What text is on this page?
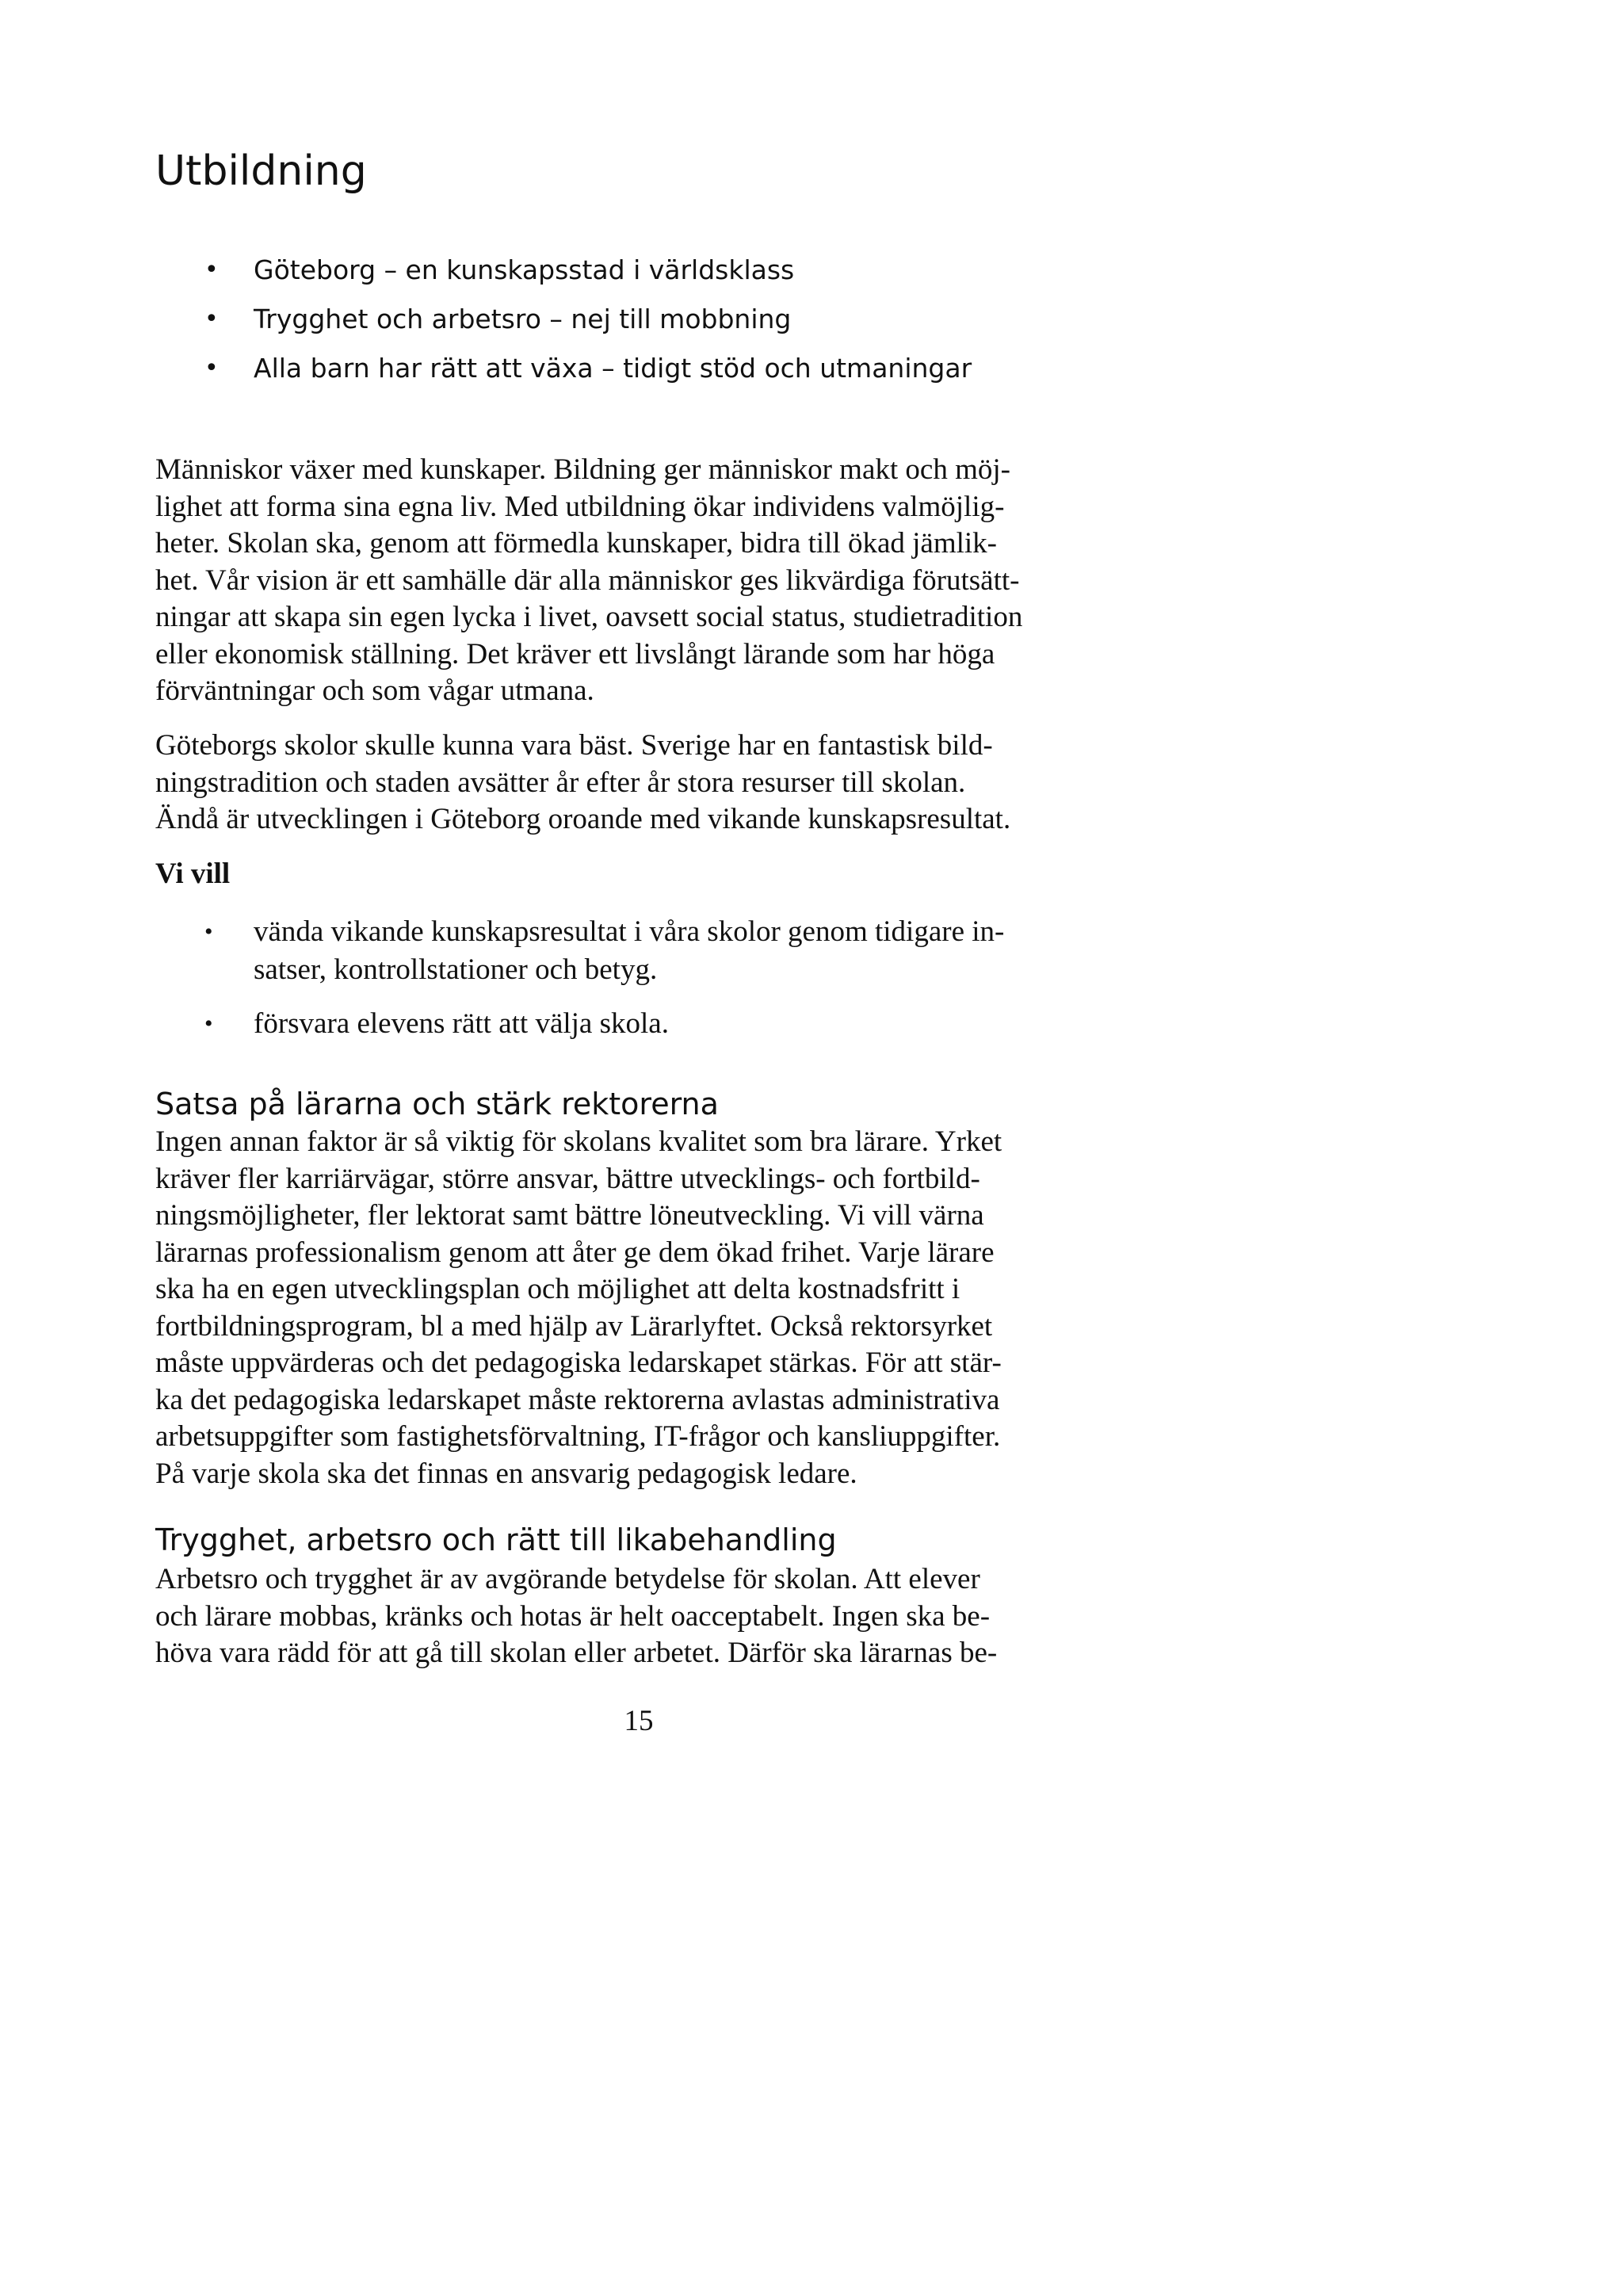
Utbildning
• Göteborg – en kunskapsstad i världsklass
• Trygghet och arbetsro – nej till mobbning
• Alla barn har rätt att växa – tidigt stöd och utmaningar

Människor växer med kunskaper. Bildning ger människor makt och möj-
lighet att forma sina egna liv. Med utbildning ökar individens valmöjlig-
heter. Skolan ska, genom att förmedla kunskaper, bidra till ökad jämlik-
het. Vår vision är ett samhälle där alla människor ges likvärdiga förutsätt-
ningar att skapa sin egen lycka i livet, oavsett social status, studietradition
eller ekonomisk ställning. Det kräver ett livslångt lärande som har höga
förväntningar och som vågar utmana.

Göteborgs skolor skulle kunna vara bäst. Sverige har en fantastisk bild-
ningstradition och staden avsätter år efter år stora resurser till skolan.
Ändå är utvecklingen i Göteborg oroande med vikande kunskapsresultat.

Vi vill

• vända vikande kunskapsresultat i våra skolor genom tidigare in-
satser, kontrollstationer och betyg.
• försvara elevens rätt att välja skola.
Satsa på lärarna och stärk rektorerna

Ingen annan faktor är så viktig för skolans kvalitet som bra lärare. Yrket
kräver fler karriärvägar, större ansvar, bättre utvecklings- och fortbild-
ningsmöjligheter, fler lektorat samt bättre löneutveckling. Vi vill värna
lärarnas professionalism genom att åter ge dem ökad frihet. Varje lärare
ska ha en egen utvecklingsplan och möjlighet att delta kostnadsfritt i
fortbildningsprogram, bl a med hjälp av Lärarlyftet. Också rektorsyrket
måste uppvärderas och det pedagogiska ledarskapet stärkas. För att stär-
ka det pedagogiska ledarskapet måste rektorerna avlastas administrativa
arbetsuppgifter som fastighetsförvaltning, IT-frågor och kansliuppgifter.
På varje skola ska det finnas en ansvarig pedagogisk ledare.

Trygghet, arbetsro och rätt till likabehandling

Arbetsro och trygghet är av avgörande betydelse för skolan. Att elever
och lärare mobbas, kränks och hotas är helt oacceptabelt. Ingen ska be-
höva vara rädd för att gå till skolan eller arbetet. Därför ska lärarnas be-

15
